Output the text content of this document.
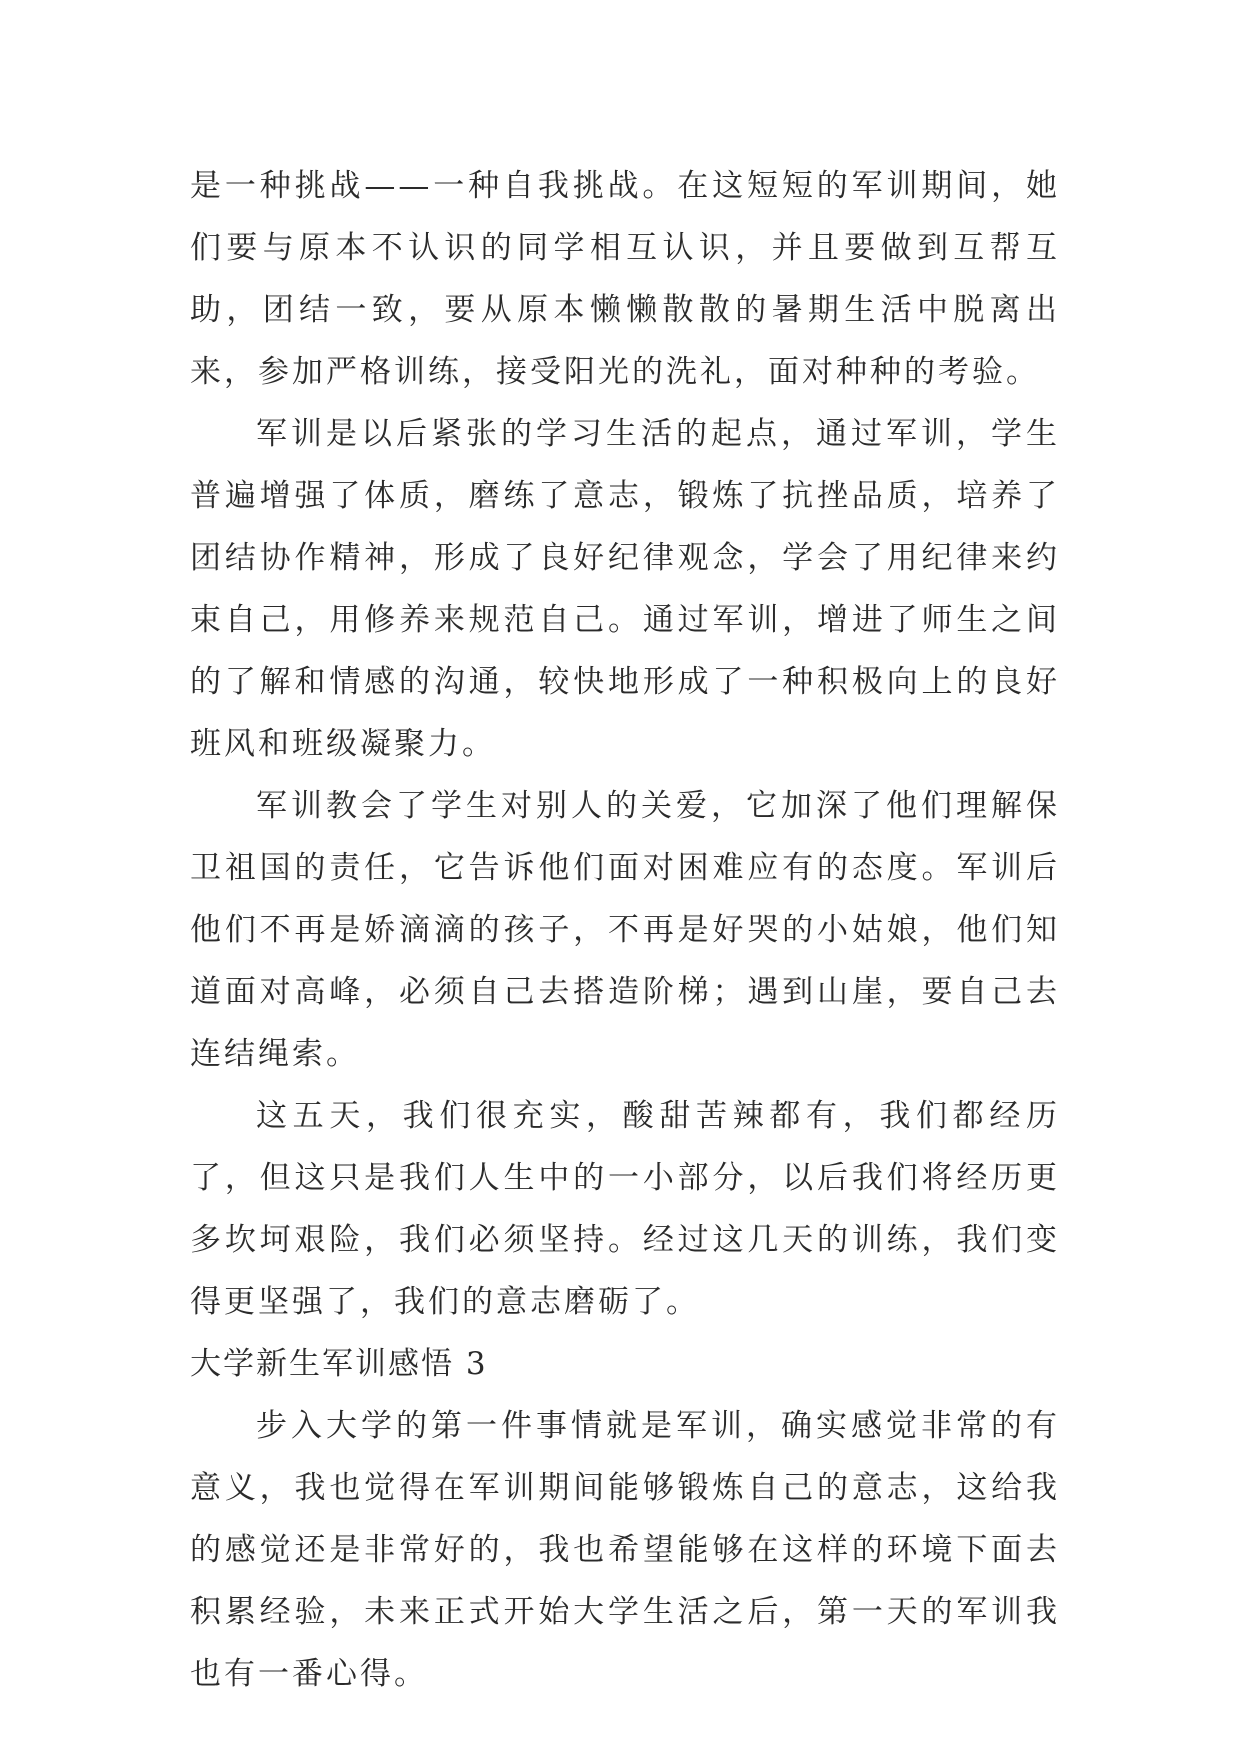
是一种挑战——一种自我挑战。在这短短的军训期间，她们要与原本不认识的同学相互认识，并且要做到互帮互助，团结一致，要从原本懒懒散散的暑期生活中脱离出来，参加严格训练，接受阳光的洗礼，面对种种的考验。

军训是以后紧张的学习生活的起点，通过军训，学生普遍增强了体质，磨练了意志，锻炼了抗挫品质，培养了团结协作精神，形成了良好纪律观念，学会了用纪律来约束自己，用修养来规范自己。通过军训，增进了师生之间的了解和情感的沟通，较快地形成了一种积极向上的良好班风和班级凝聚力。

军训教会了学生对别人的关爱，它加深了他们理解保卫祖国的责任，它告诉他们面对困难应有的态度。军训后他们不再是娇滴滴的孩子，不再是好哭的小姑娘，他们知道面对高峰，必须自己去搭造阶梯；遇到山崖，要自己去连结绳索。

这五天，我们很充实，酸甜苦辣都有，我们都经历了，但这只是我们人生中的一小部分，以后我们将经历更多坎坷艰险，我们必须坚持。经过这几天的训练，我们变得更坚强了，我们的意志磨砺了。

大学新生军训感悟 3

步入大学的第一件事情就是军训，确实感觉非常的有意义，我也觉得在军训期间能够锻炼自己的意志，这给我的感觉还是非常好的，我也希望能够在这样的环境下面去积累经验，未来正式开始大学生活之后，第一天的军训我也有一番心得。
